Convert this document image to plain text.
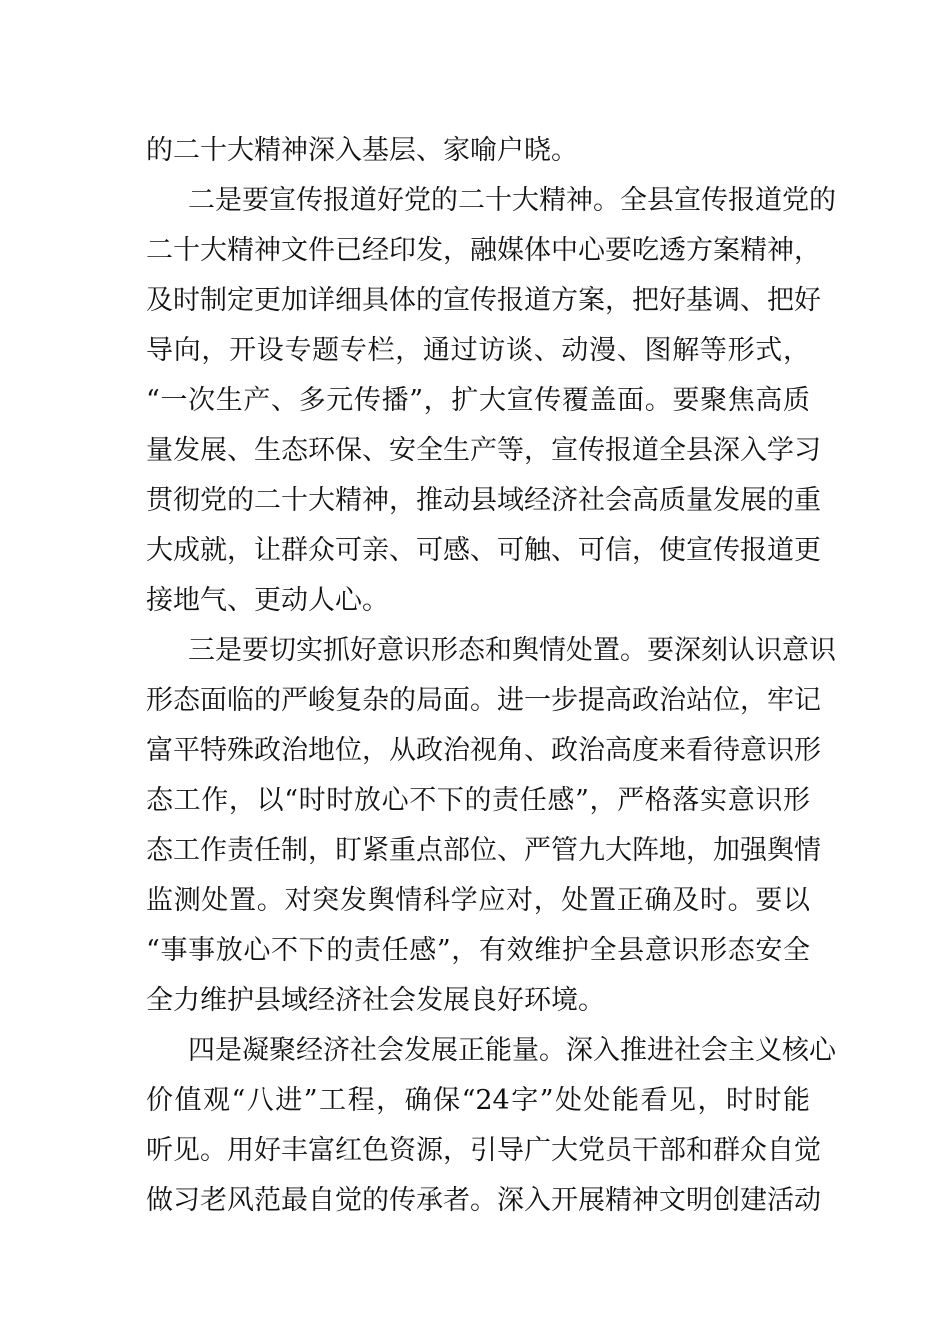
的二十大精神深入基层、家喻户晓。
二是要宣传报道好党的二十大精神。全县宣传报道党的
二十大精神文件已经印发，融媒体中心要吃透方案精神，
及时制定更加详细具体的宣传报道方案，把好基调、把好
导向，开设专题专栏，通过访谈、动漫、图解等形式，
“一次生产、多元传播”，扩大宣传覆盖面。要聚焦高质
量发展、生态环保、安全生产等，宣传报道全县深入学习
贯彻党的二十大精神，推动县域经济社会高质量发展的重
大成就，让群众可亲、可感、可触、可信，使宣传报道更
接地气、更动人心。
三是要切实抓好意识形态和舆情处置。要深刻认识意识
形态面临的严峻复杂的局面。进一步提高政治站位，牢记
富平特殊政治地位，从政治视角、政治高度来看待意识形
态工作，以“时时放心不下的责任感”，严格落实意识形
态工作责任制，盯紧重点部位、严管九大阵地，加强舆情
监测处置。对突发舆情科学应对，处置正确及时。要以
“事事放心不下的责任感”，有效维护全县意识形态安全
全力维护县域经济社会发展良好环境。
四是凝聚经济社会发展正能量。深入推进社会主义核心
价值观“八进”工程，确保“24字”处处能看见，时时能
听见。用好丰富红色资源，引导广大党员干部和群众自觉
做习老风范最自觉的传承者。深入开展精神文明创建活动
